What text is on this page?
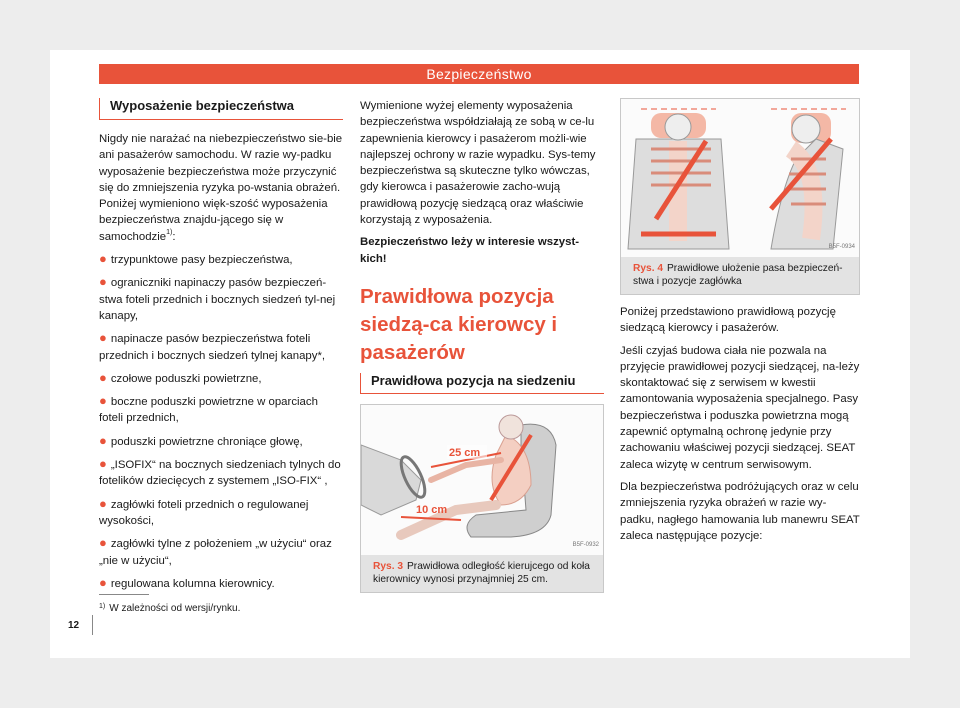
Bezpieczeństwo
Wyposażenie bezpieczeństwa

Nigdy nie narażać na niebezpieczeństwo sie-bie ani pasażerów samochodu. W razie wy-padku wyposażenie bezpieczeństwa może przyczynić się do zmniejszenia ryzyka po-wstania obrażeń. Poniżej wymieniono więk-szość wyposażenia bezpieczeństwa znajdu-jącego się w samochodzie$^{1)}$:

● trzypunktowe pasy bezpieczeństwa,
● ograniczniki napinaczy pasów bezpieczeń-stwa foteli przednich i bocznych siedzeń tyl-nej kanapy,
● napinacze pasów bezpieczeństwa foteli przednich i bocznych siedzeń tylnej kanapy*,
● czołowe poduszki powietrzne,
● boczne poduszki powietrzne w oparciach foteli przednich,
● poduszki powietrzne chroniące głowę,
● „ISOFIX“ na bocznych siedzeniach tylnych do fotelików dziecięcych z systemem „ISO-FIX“ ,
● zagłówki foteli przednich o regulowanej wysokości,
● zagłówki tylne z położeniem „w użyciu“ oraz „nie w użyciu“,
● regulowana kolumna kierownicy.

Wymienione wyżej elementy wyposażenia bezpieczeństwa współdziałają ze sobą w ce-lu zapewnienia kierowcy i pasażerom możli-wie najlepszej ochrony w razie wypadku. Sys-temy bezpieczeństwa są skuteczne tylko wówczas, gdy kierowca i pasażerowie zacho-wują prawidłową pozycję siedzącą oraz właściwie korzystają z wyposażenia.

Bezpieczeństwo leży w interesie wszyst-kich!

Prawidłowa pozycja siedzą-ca kierowcy i pasażerów
Prawidłowa pozycja na siedzeniu
25 cm
10 cm
B5F-0932
Rys. 3 Prawidłowa odległość kierujcego od koła kierownicy wynosi przynajmniej 25 cm.
B5F-0934
Rys. 4 Prawidłowe ułożenie pasa bezpieczeń-stwa i pozycje zagłówka

Poniżej przedstawiono prawidłową pozycję siedzącą kierowcy i pasażerów.

Jeśli czyjaś budowa ciała nie pozwala na przyjęcie prawidłowej pozycji siedzącej, na-leży skontaktować się z serwisem w kwestii zamontowania wyposażenia specjalnego. Pasy bezpieczeństwa i poduszka powietrzna mogą zapewnić optymalną ochronę jedynie przy zachowaniu właściwej pozycji siedzącej. SEAT zaleca wizytę w centrum serwisowym.

Dla bezpieczeństwa podróżujących oraz w celu zmniejszenia ryzyka obrażeń w razie wy-padku, nagłego hamowania lub manewru SEAT zaleca następujące pozycje:

$^{1)}$ W zależności od wersji/rynku.
12
